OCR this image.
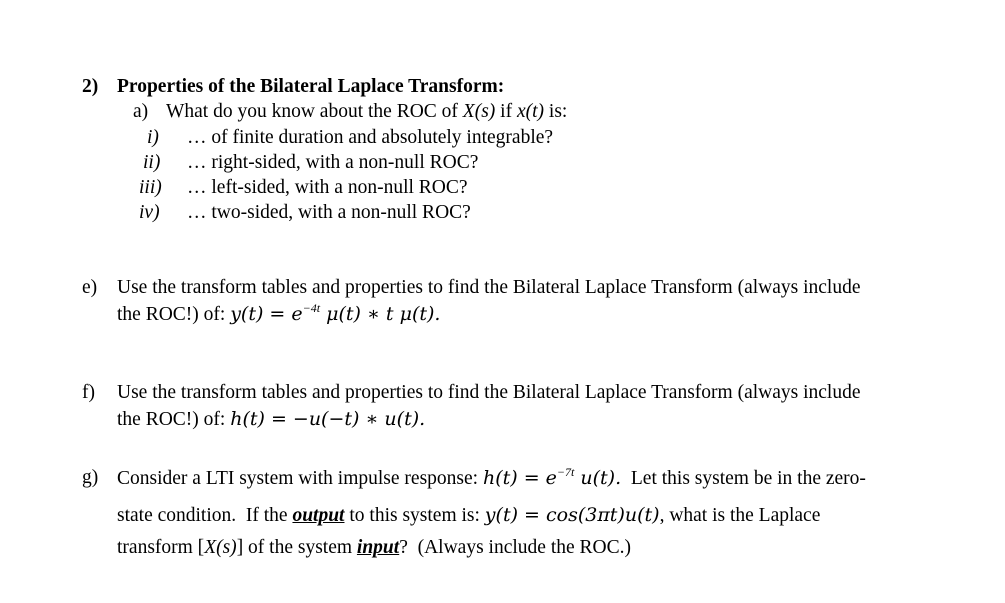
2) Properties of the Bilateral Laplace Transform:
a) What do you know about the ROC of X(s) if x(t) is:
i) … of finite duration and absolutely integrable?
ii) … right-sided, with a non-null ROC?
iii) … left-sided, with a non-null ROC?
iv) … two-sided, with a non-null ROC?
e) Use the transform tables and properties to find the Bilateral Laplace Transform (always include
the ROC!) of: $y(t) = e^{-4t}$ μ(t) ∗ t μ(t).
f) Use the transform tables and properties to find the Bilateral Laplace Transform (always include
the ROC!) of: h(t) = −u(−t) ∗ u(t).
g) Consider a LTI system with impulse response: $h(t) = e^{-7t}$ u(t).  Let this system be in the zero-
state condition.  If the output to this system is: y(t) = cos(3πt)u(t), what is the Laplace
transform [X(s)] of the system input?  (Always include the ROC.)
